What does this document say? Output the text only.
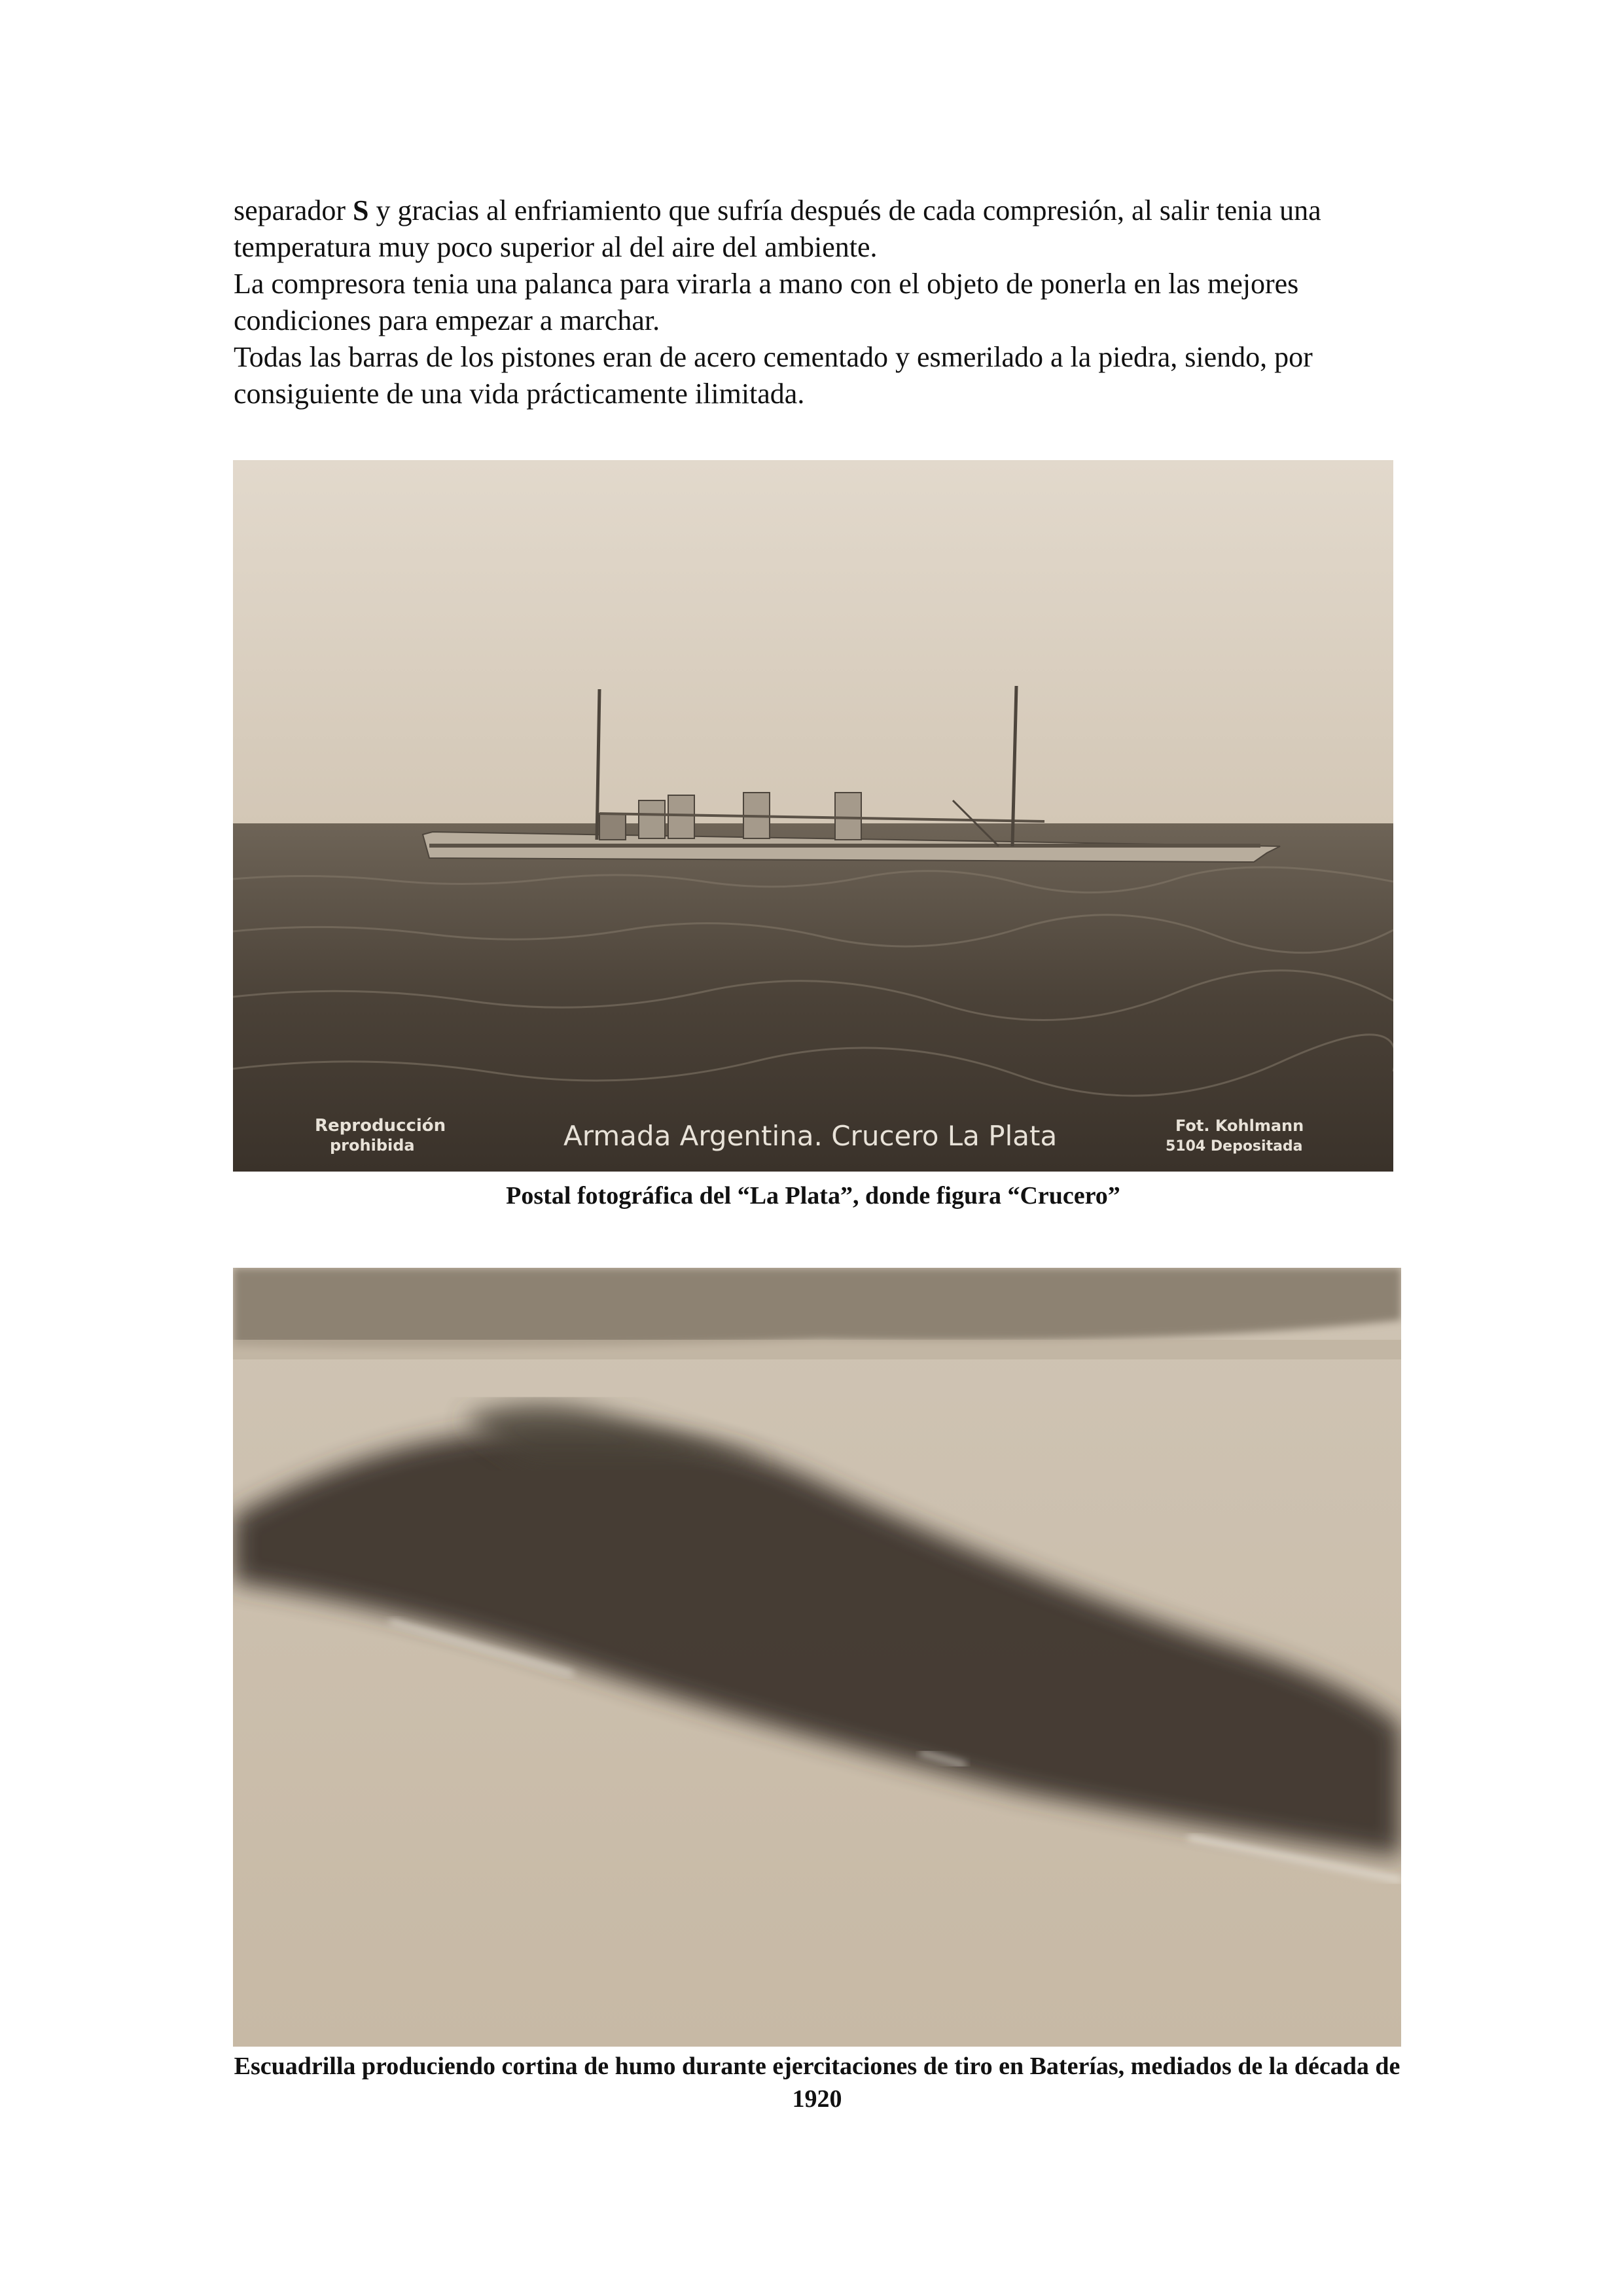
separador S y gracias al enfriamiento que sufría después de cada compresión, al salir tenia una temperatura muy poco superior al del aire del ambiente.

La compresora tenia una palanca para virarla a mano con el objeto de ponerla en las mejores condiciones para empezar a marchar.

Todas las barras de los pistones eran de acero cementado y esmerilado a la piedra, siendo, por consiguiente de una vida prácticamente ilimitada.

Reproducción
prohibida	Armada Argentina. Crucero La Plata	Fot. Kohlmann
5104 Depositada

Postal fotográfica del “La Plata”, donde figura “Crucero”

Escuadrilla produciendo cortina de humo durante ejercitaciones de tiro en Baterías, mediados de la década de 1920
